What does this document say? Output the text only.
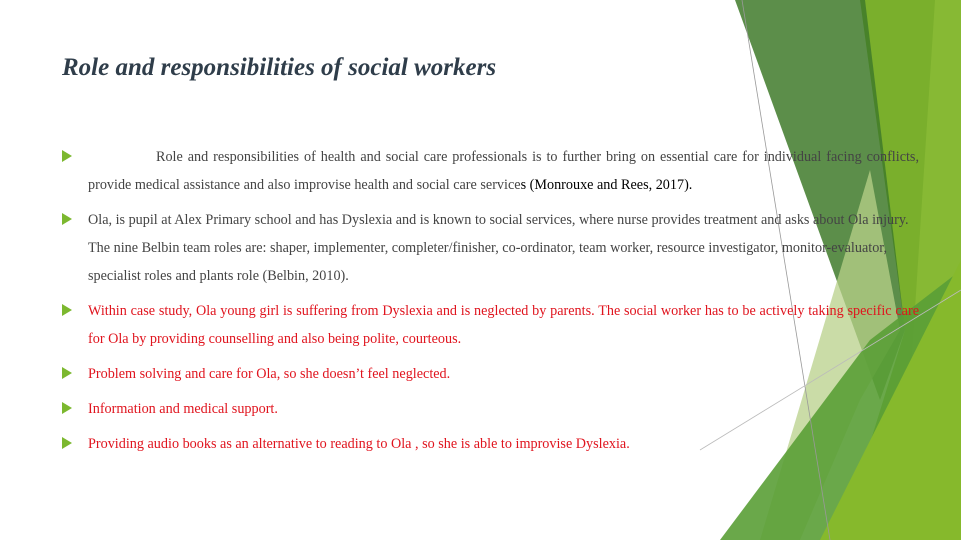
Role and responsibilities of social workers
Role and responsibilities of health and social care professionals is to further bring on essential care for individual facing conflicts, provide medical assistance and also improvise health and social care services (Monrouxe and Rees, 2017).
Ola, is pupil at Alex Primary school and has Dyslexia and is known to social services, where nurse provides treatment and asks about Ola injury. The nine Belbin team roles are: shaper, implementer, completer/finisher, co-ordinator, team worker, resource investigator, monitor-evaluator, specialist roles and plants role (Belbin, 2010).
Within case study, Ola young girl is suffering from Dyslexia and is neglected by parents. The social worker has to be actively taking specific care for Ola by providing counselling and also being polite, courteous.
Problem solving and care for Ola, so she doesn’t feel neglected.
Information and medical support.
Providing audio books as an alternative to reading to Ola , so she is able to improvise Dyslexia.
